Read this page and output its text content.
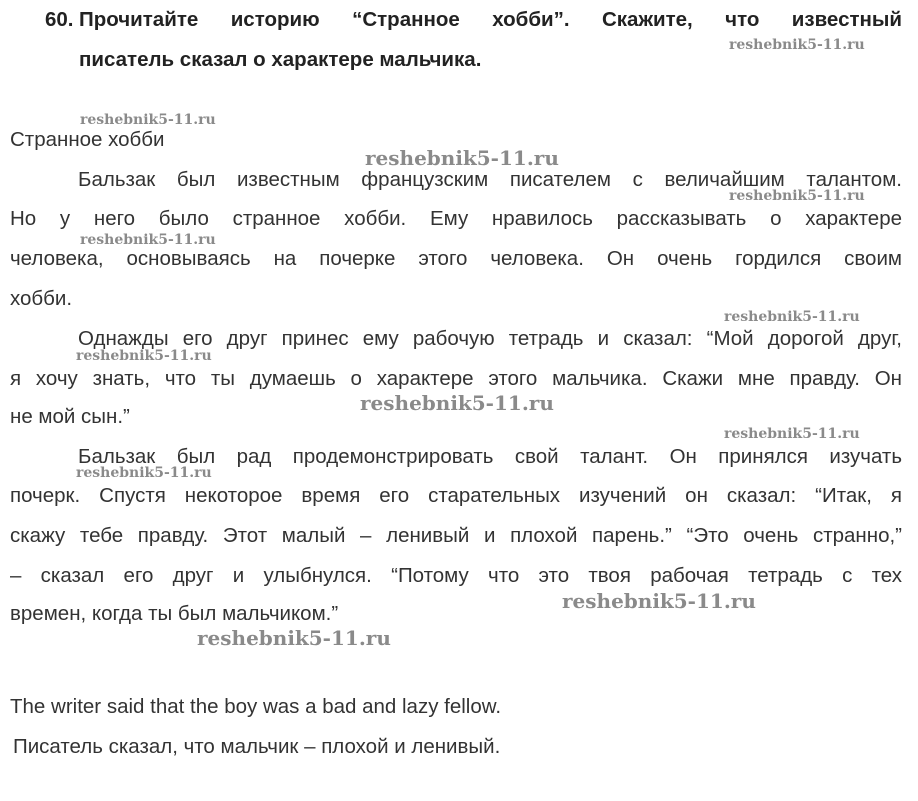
60. Прочитайте историю “Странное хобби”. Скажите, что известный
писатель сказал о характере мальчика.
Странное хобби
Бальзак был известным французским писателем с величайшим талантом.
Но у него было странное хобби. Ему нравилось рассказывать о характере
человека, основываясь на почерке этого человека. Он очень гордился своим
хобби.
Однажды его друг принес ему рабочую тетрадь и сказал: “Мой дорогой друг,
я хочу знать, что ты думаешь о характере этого мальчика. Скажи мне правду. Он
не мой сын.”
Бальзак был рад продемонстрировать свой талант. Он принялся изучать
почерк. Спустя некоторое время его старательных изучений он сказал: “Итак, я
скажу тебе правду. Этот малый – ленивый и плохой парень.” “Это очень странно,”
– сказал его друг и улыбнулся. “Потому что это твоя рабочая тетрадь с тех
времен, когда ты был мальчиком.”
The writer said that the boy was a bad and lazy fellow.
Писатель сказал, что мальчик – плохой и ленивый.
reshebnik5-11.ru
reshebnik5-11.ru
reshebnik5-11.ru
reshebnik5-11.ru
reshebnik5-11.ru
reshebnik5-11.ru
reshebnik5-11.ru
reshebnik5-11.ru
reshebnik5-11.ru
reshebnik5-11.ru
reshebnik5-11.ru
reshebnik5-11.ru
